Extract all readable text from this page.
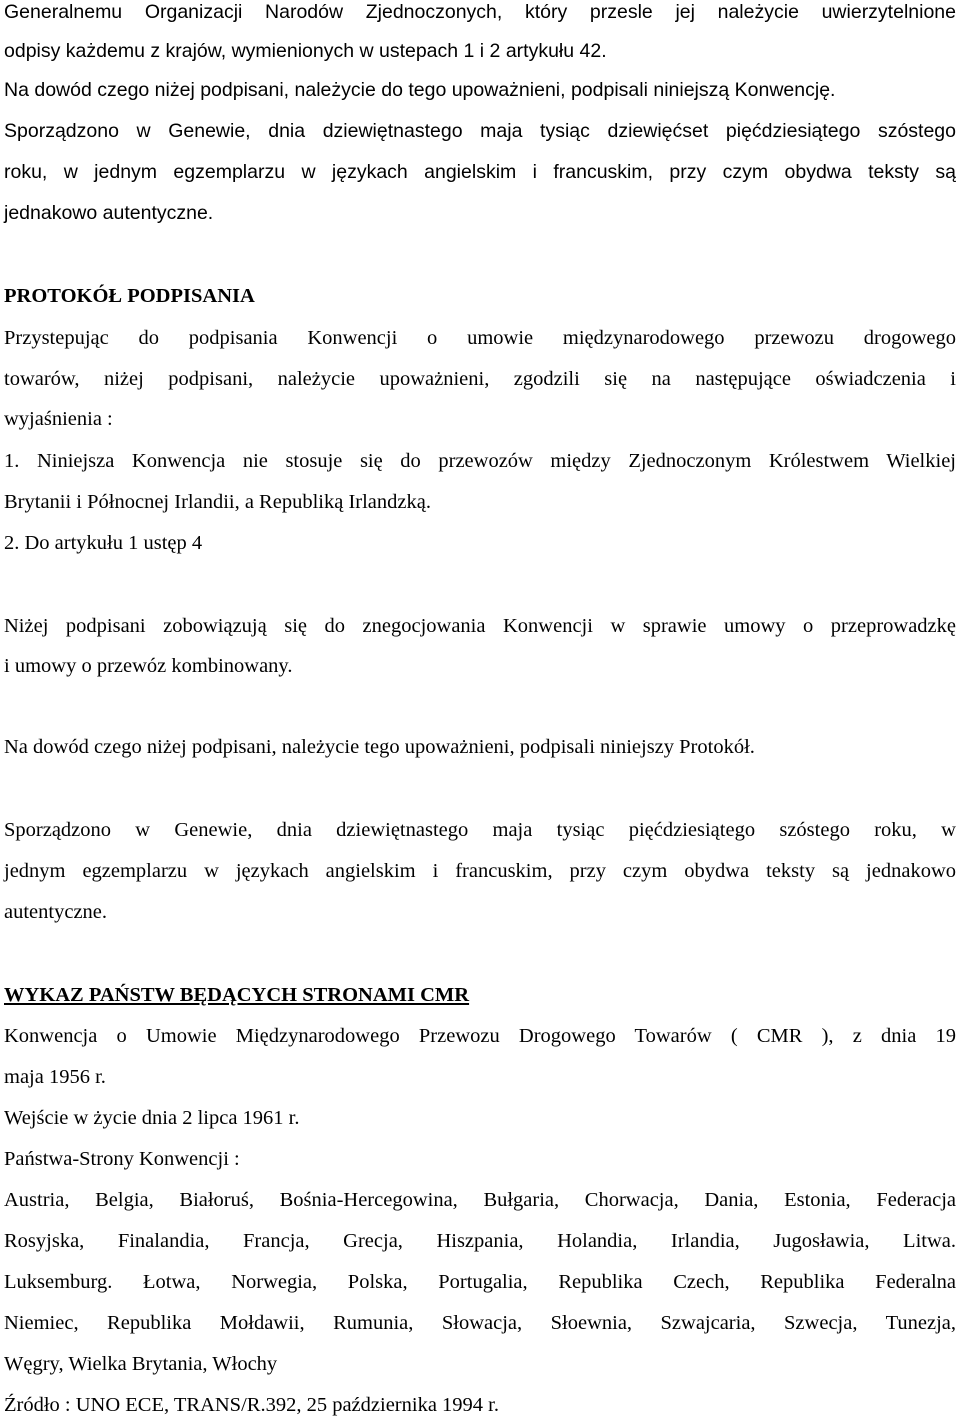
Generalnemu Organizacji Narodów Zjednoczonych, który przesle jej należycie uwierzytelnione
odpisy każdemu z krajów, wymienionych w ustepach 1 i 2 artykułu 42.
Na dowód czego niżej podpisani, należycie do tego upoważnieni, podpisali niniejszą Konwencję.
Sporządzono w Genewie, dnia dziewiętnastego maja tysiąc dziewięćset pięćdziesiątego szóstego
roku, w jednym egzemplarzu w językach angielskim i francuskim, przy czym obydwa teksty są
jednakowo autentyczne.
PROTOKÓŁ PODPISANIA
Przystepując do podpisania Konwencji o umowie międzynarodowego przewozu drogowego
towarów, niżej podpisani, należycie upoważnieni, zgodzili się na następujące oświadczenia i
wyjaśnienia :
1. Niniejsza Konwencja nie stosuje się do przewozów między Zjednoczonym Królestwem Wielkiej
Brytanii i Północnej Irlandii, a Republiką Irlandzką.
2. Do artykułu 1 ustęp 4
Niżej podpisani zobowiązują się do znegocjowania Konwencji w sprawie umowy o przeprowadzkę
i umowy o przewóz kombinowany.
Na dowód czego niżej podpisani, należycie tego upoważnieni, podpisali niniejszy Protokół.
Sporządzono w Genewie, dnia dziewiętnastego maja tysiąc pięćdziesiątego szóstego roku, w
jednym egzemplarzu w językach angielskim i francuskim, przy czym obydwa teksty są jednakowo
autentyczne.
WYKAZ PAŃSTW BĘDĄCYCH STRONAMI CMR
Konwencja o Umowie Międzynarodowego Przewozu Drogowego Towarów ( CMR ), z dnia 19
maja 1956 r.
Wejście w życie dnia 2 lipca 1961 r.
Państwa-Strony Konwencji :
Austria, Belgia, Białoruś, Bośnia-Hercegowina, Bułgaria, Chorwacja, Dania, Estonia, Federacja
Rosyjska, Finalandia, Francja, Grecja, Hiszpania, Holandia, Irlandia, Jugosławia, Litwa.
Luksemburg. Łotwa, Norwegia, Polska, Portugalia, Republika Czech, Republika Federalna
Niemiec, Republika Mołdawii, Rumunia, Słowacja, Słoewnia, Szwajcaria, Szwecja, Tunezja,
Węgry, Wielka Brytania, Włochy
Źródło : UNO ECE, TRANS/R.392, 25 października 1994 r.
